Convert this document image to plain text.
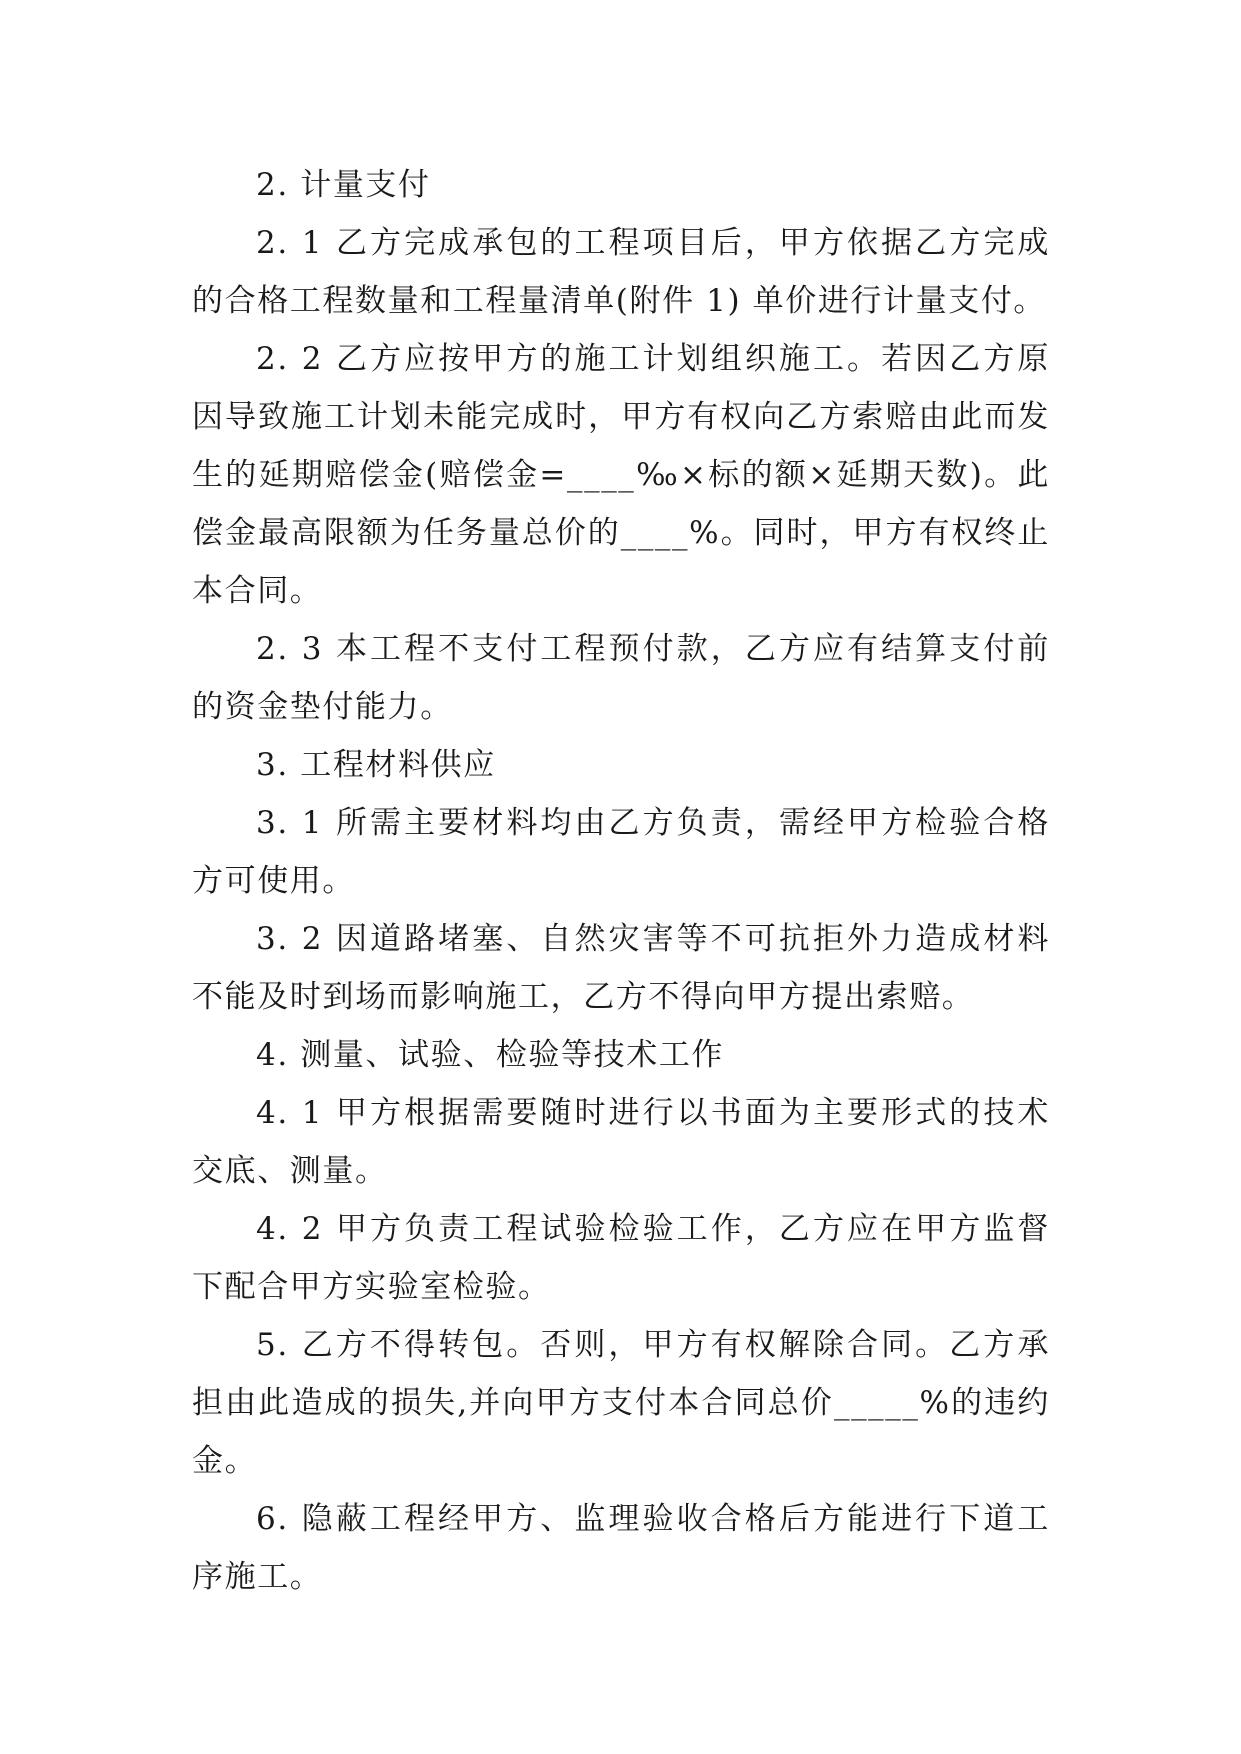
2. 计量支付

2. 1 乙方完成承包的工程项目后，甲方依据乙方完成的合格工程数量和工程量清单(附件 1) 单价进行计量支付。

2. 2 乙方应按甲方的施工计划组织施工。若因乙方原因导致施工计划未能完成时，甲方有权向乙方索赔由此而发生的延期赔偿金(赔偿金=____‰×标的额×延期天数)。此偿金最高限额为任务量总价的____%。同时，甲方有权终止本合同。

2. 3 本工程不支付工程预付款，乙方应有结算支付前的资金垫付能力。

3. 工程材料供应

3. 1 所需主要材料均由乙方负责，需经甲方检验合格方可使用。

3. 2 因道路堵塞、自然灾害等不可抗拒外力造成材料不能及时到场而影响施工，乙方不得向甲方提出索赔。

4. 测量、试验、检验等技术工作

4. 1 甲方根据需要随时进行以书面为主要形式的技术交底、测量。

4. 2 甲方负责工程试验检验工作，乙方应在甲方监督下配合甲方实验室检验。

5. 乙方不得转包。否则，甲方有权解除合同。乙方承担由此造成的损失,并向甲方支付本合同总价_____%的违约金。

6. 隐蔽工程经甲方、监理验收合格后方能进行下道工序施工。
